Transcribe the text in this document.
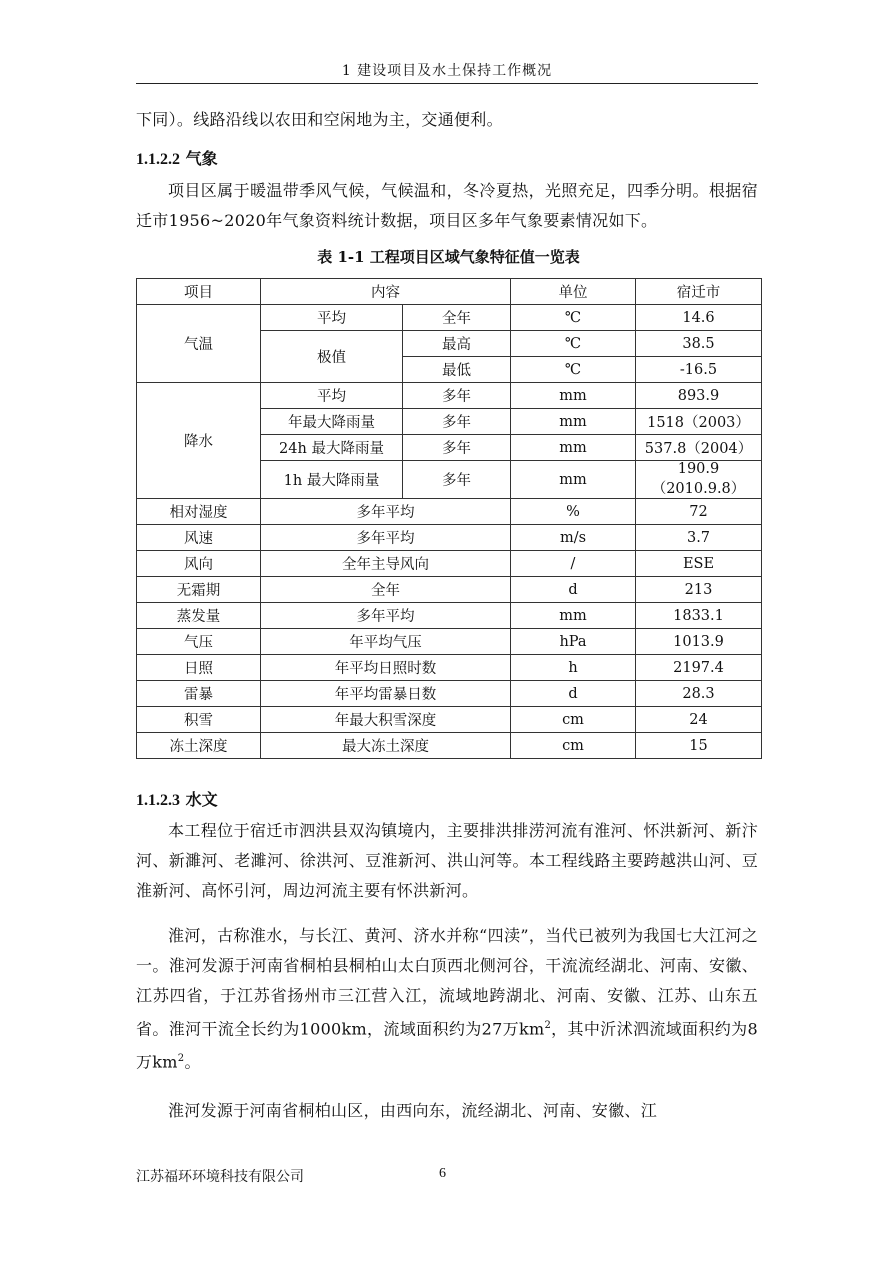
1 建设项目及水土保持工作概况

下同）。线路沿线以农田和空闲地为主，交通便利。

1.1.2.2 气象

项目区属于暖温带季风气候，气候温和，冬冷夏热，光照充足，四季分明。根据宿迁市1956~2020年气象资料统计数据，项目区多年气象要素情况如下。

表 1-1 工程项目区域气象特征值一览表
项目	内容		单位	宿迁市
气温	平均	全年	℃	14.6
	极值	最高	℃	38.5
		最低	℃	-16.5
降水	平均	多年	mm	893.9
	年最大降雨量	多年	mm	1518（2003）
	24h 最大降雨量	多年	mm	537.8（2004）
	1h 最大降雨量	多年	mm	190.9（2010.9.8）
相对湿度	多年平均		%	72
风速	多年平均		m/s	3.7
风向	全年主导风向		/	ESE
无霜期	全年		d	213
蒸发量	多年平均		mm	1833.1
气压	年平均气压		hPa	1013.9
日照	年平均日照时数		h	2197.4
雷暴	年平均雷暴日数		d	28.3
积雪	年最大积雪深度		cm	24
冻土深度	最大冻土深度		cm	15
1.1.2.3 水文

本工程位于宿迁市泗洪县双沟镇境内，主要排洪排涝河流有淮河、怀洪新河、新汴河、新濉河、老濉河、徐洪河、豆淮新河、洪山河等。本工程线路主要跨越洪山河、豆淮新河、高怀引河，周边河流主要有怀洪新河。

淮河，古称淮水，与长江、黄河、济水并称“四渎”，当代已被列为我国七大江河之一。淮河发源于河南省桐柏县桐柏山太白顶西北侧河谷，干流流经湖北、河南、安徽、江苏四省，于江苏省扬州市三江营入江，流域地跨湖北、河南、安徽、江苏、山东五省。淮河干流全长约为1000km，流域面积约为27万$km^2$，其中沂沭泗流域面积约为8万$km^2$。

淮河发源于河南省桐柏山区，由西向东，流经湖北、河南、安徽、江

江苏福环环境科技有限公司	6
